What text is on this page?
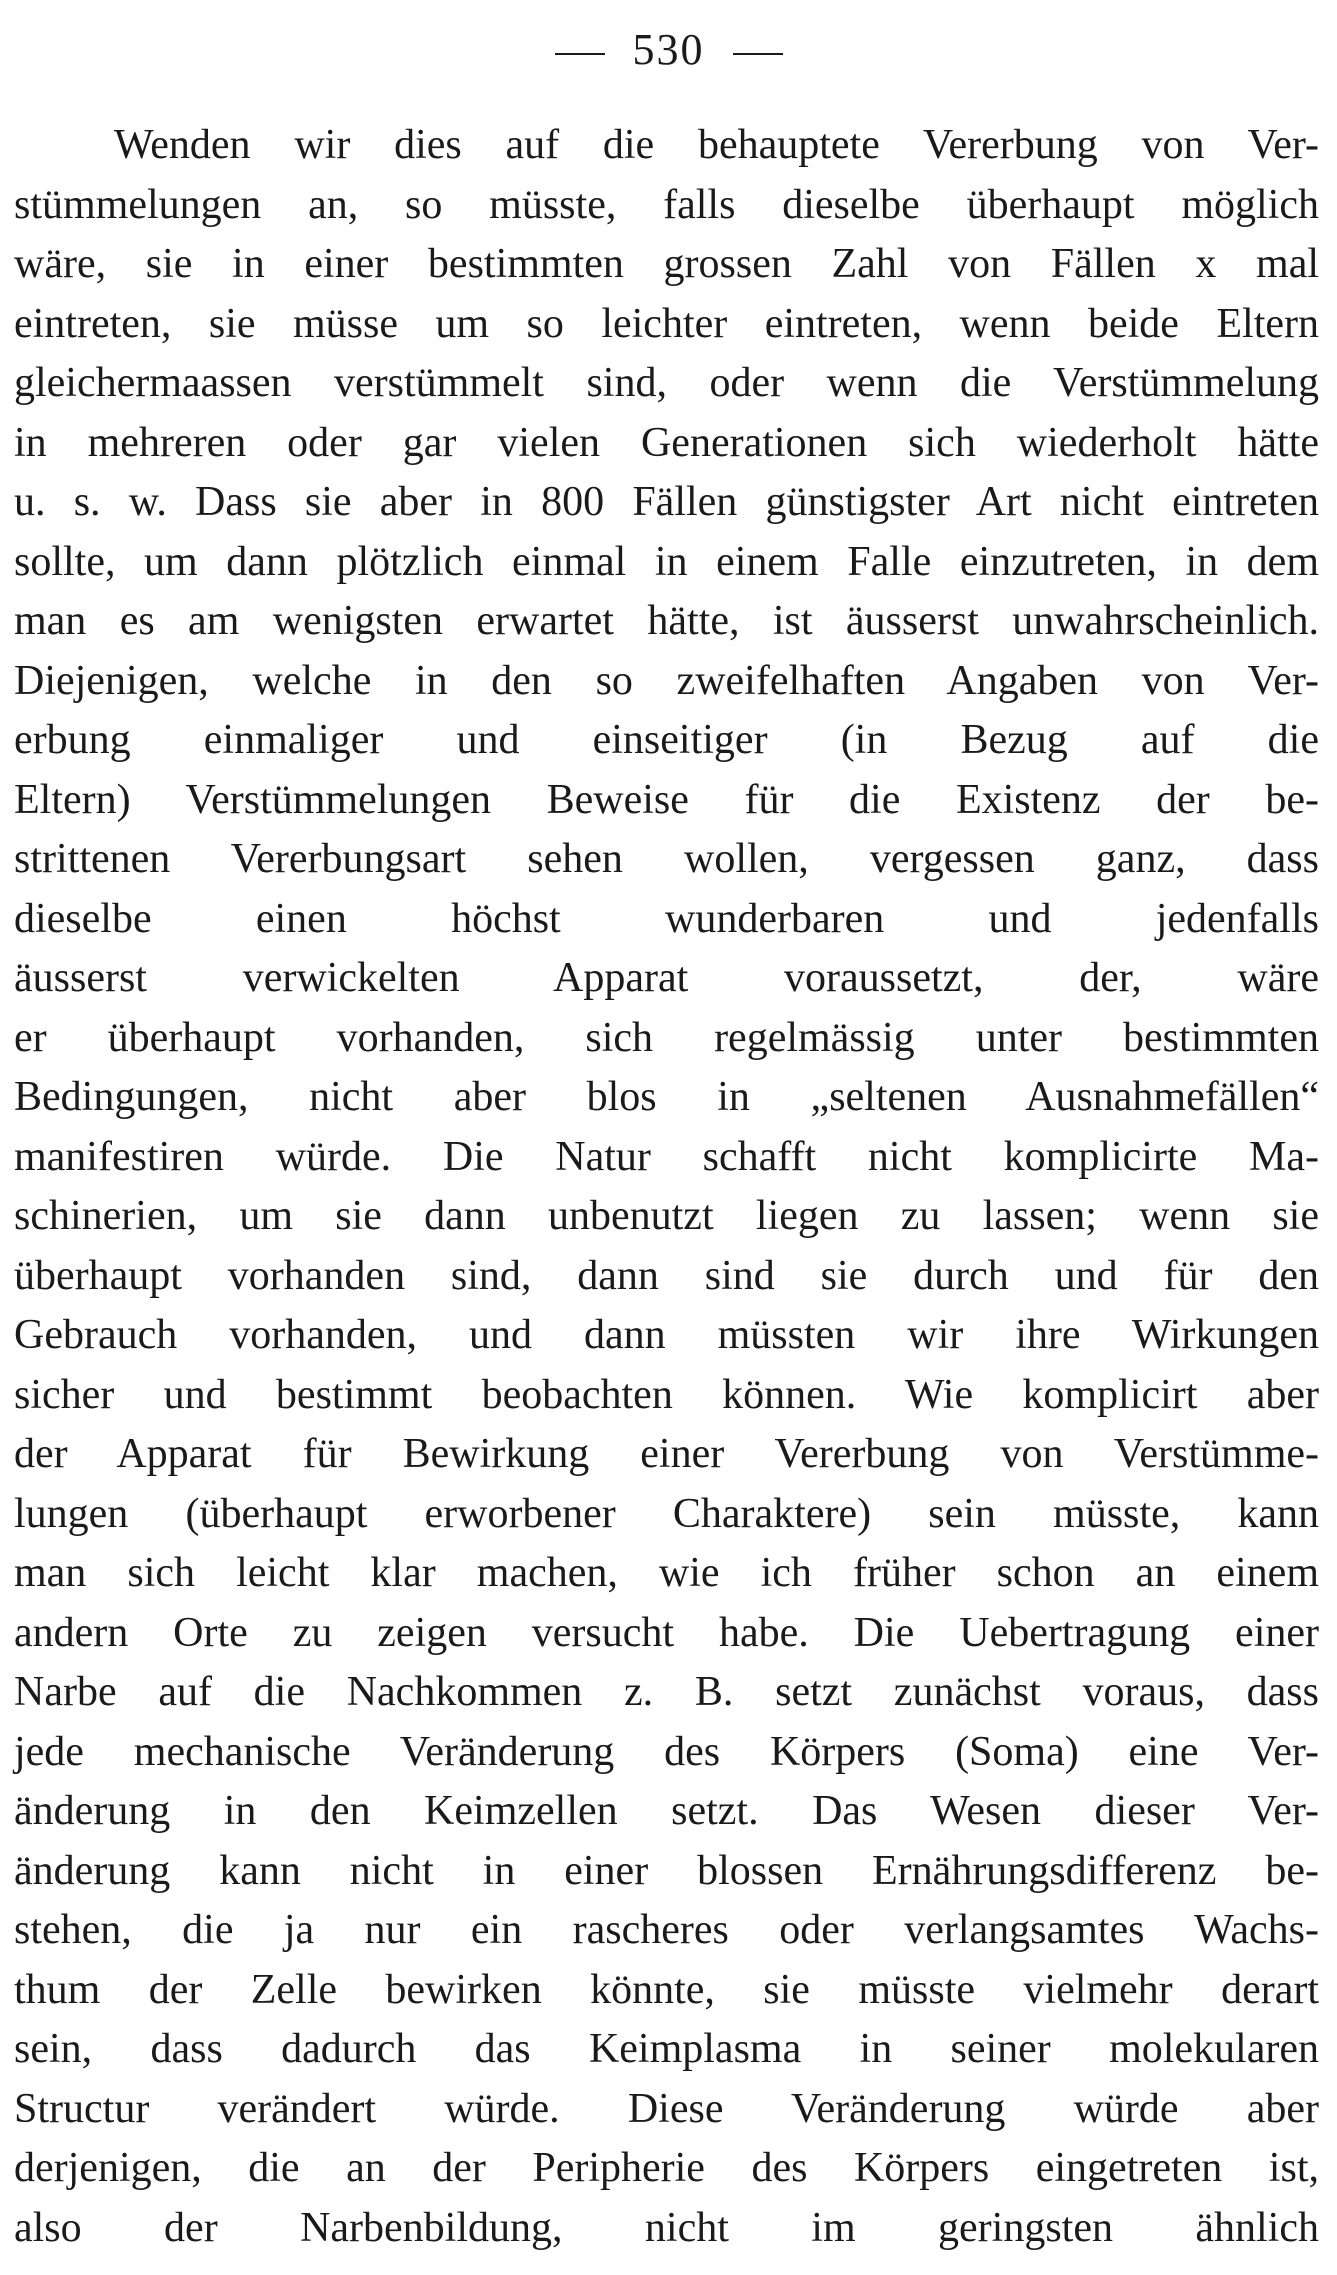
530
Wenden wir dies auf die behauptete Vererbung von Ver-
stümmelungen an, so müsste, falls dieselbe überhaupt möglich
wäre, sie in einer bestimmten grossen Zahl von Fällen x mal
eintreten, sie müsse um so leichter eintreten, wenn beide Eltern
gleichermaassen verstümmelt sind, oder wenn die Verstümmelung
in mehreren oder gar vielen Generationen sich wiederholt hätte
u. s. w. Dass sie aber in 800 Fällen günstigster Art nicht eintreten
sollte, um dann plötzlich einmal in einem Falle einzutreten, in dem
man es am wenigsten erwartet hätte, ist äusserst unwahrscheinlich.
Diejenigen, welche in den so zweifelhaften Angaben von Ver-
erbung einmaliger und einseitiger (in Bezug auf die
Eltern) Verstümmelungen Beweise für die Existenz der be-
strittenen Vererbungsart sehen wollen, vergessen ganz, dass
dieselbe einen höchst wunderbaren und jedenfalls
äusserst verwickelten Apparat voraussetzt, der, wäre
er überhaupt vorhanden, sich regelmässig unter bestimmten
Bedingungen, nicht aber blos in „seltenen Ausnahmefällen“
manifestiren würde. Die Natur schafft nicht komplicirte Ma-
schinerien, um sie dann unbenutzt liegen zu lassen; wenn sie
überhaupt vorhanden sind, dann sind sie durch und für den
Gebrauch vorhanden, und dann müssten wir ihre Wirkungen
sicher und bestimmt beobachten können. Wie komplicirt aber
der Apparat für Bewirkung einer Vererbung von Verstümme-
lungen (überhaupt erworbener Charaktere) sein müsste, kann
man sich leicht klar machen, wie ich früher schon an einem
andern Orte zu zeigen versucht habe. Die Uebertragung einer
Narbe auf die Nachkommen z. B. setzt zunächst voraus, dass
jede mechanische Veränderung des Körpers (Soma) eine Ver-
änderung in den Keimzellen setzt. Das Wesen dieser Ver-
änderung kann nicht in einer blossen Ernährungsdifferenz be-
stehen, die ja nur ein rascheres oder verlangsamtes Wachs-
thum der Zelle bewirken könnte, sie müsste vielmehr derart
sein, dass dadurch das Keimplasma in seiner molekularen
Structur verändert würde. Diese Veränderung würde aber
derjenigen, die an der Peripherie des Körpers eingetreten ist,
also der Narbenbildung, nicht im geringsten ähnlich
